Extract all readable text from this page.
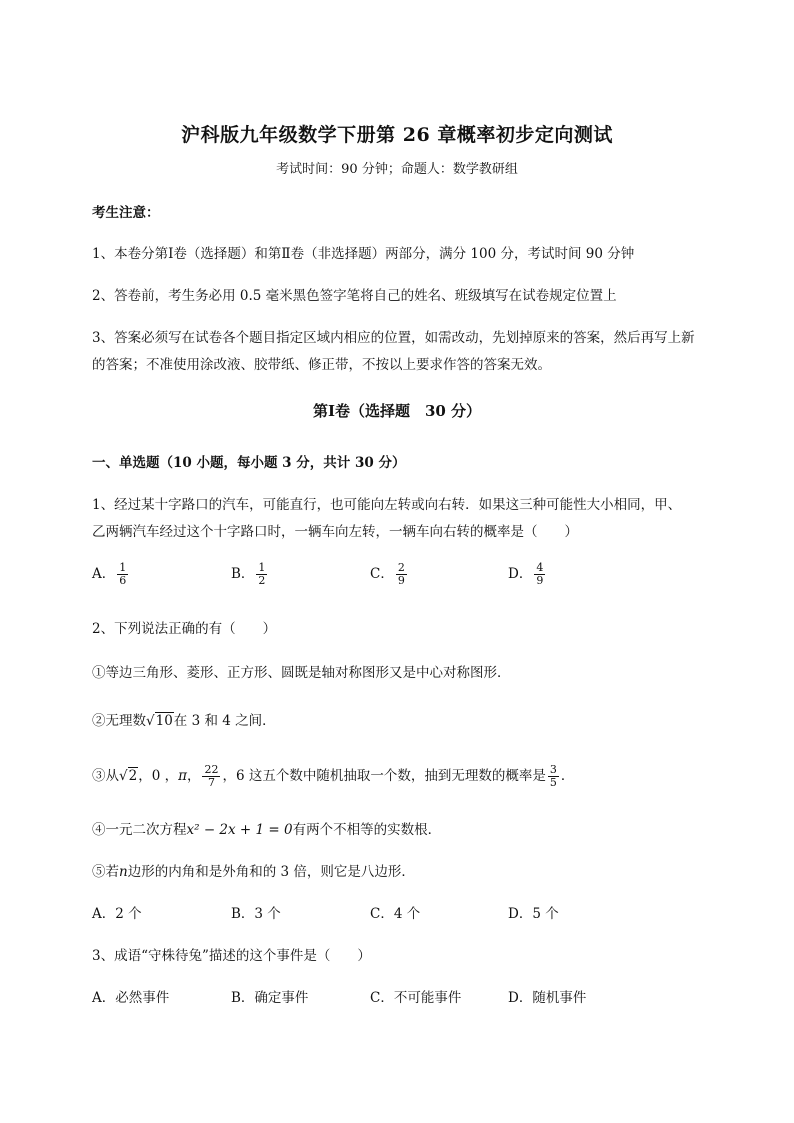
沪科版九年级数学下册第 26 章概率初步定向测试
考试时间：90 分钟；命题人：数学教研组
考生注意：
1、本卷分第Ⅰ卷（选择题）和第Ⅱ卷（非选择题）两部分，满分 100 分，考试时间 90 分钟
2、答卷前，考生务必用 0.5 毫米黑色签字笔将自己的姓名、班级填写在试卷规定位置上
3、答案必须写在试卷各个题目指定区域内相应的位置，如需改动，先划掉原来的答案，然后再写上新
的答案；不准使用涂改液、胶带纸、修正带，不按以上要求作答的答案无效。
第Ⅰ卷（选择题　30 分）
一、单选题（10 小题，每小题 3 分，共计 30 分）
1、经过某十字路口的汽车，可能直行，也可能向左转或向右转．如果这三种可能性大小相同，甲、
乙两辆汽车经过这个十字路口时，一辆车向左转，一辆车向右转的概率是（　　）
A． $\frac{1}{6}$	B． $\frac{1}{2}$	C． $\frac{2}{9}$	D． $\frac{4}{9}$
2、下列说法正确的有（　　）
①等边三角形、菱形、正方形、圆既是轴对称图形又是中心对称图形．
②无理数√10在 3 和 4 之间．
③从√2，0 ，π， $\frac{22}{7}$ ，6 这五个数中随机抽取一个数，抽到无理数的概率是 $\frac{3}{5}$ ．
④一元二次方程x² − 2x + 1 = 0有两个不相等的实数根．
⑤若n边形的内角和是外角和的 3 倍，则它是八边形．
A．2 个	B．3 个	C．4 个	D．5 个
3、成语“守株待兔”描述的这个事件是（　　）
A．必然事件	B．确定事件	C．不可能事件	D．随机事件
